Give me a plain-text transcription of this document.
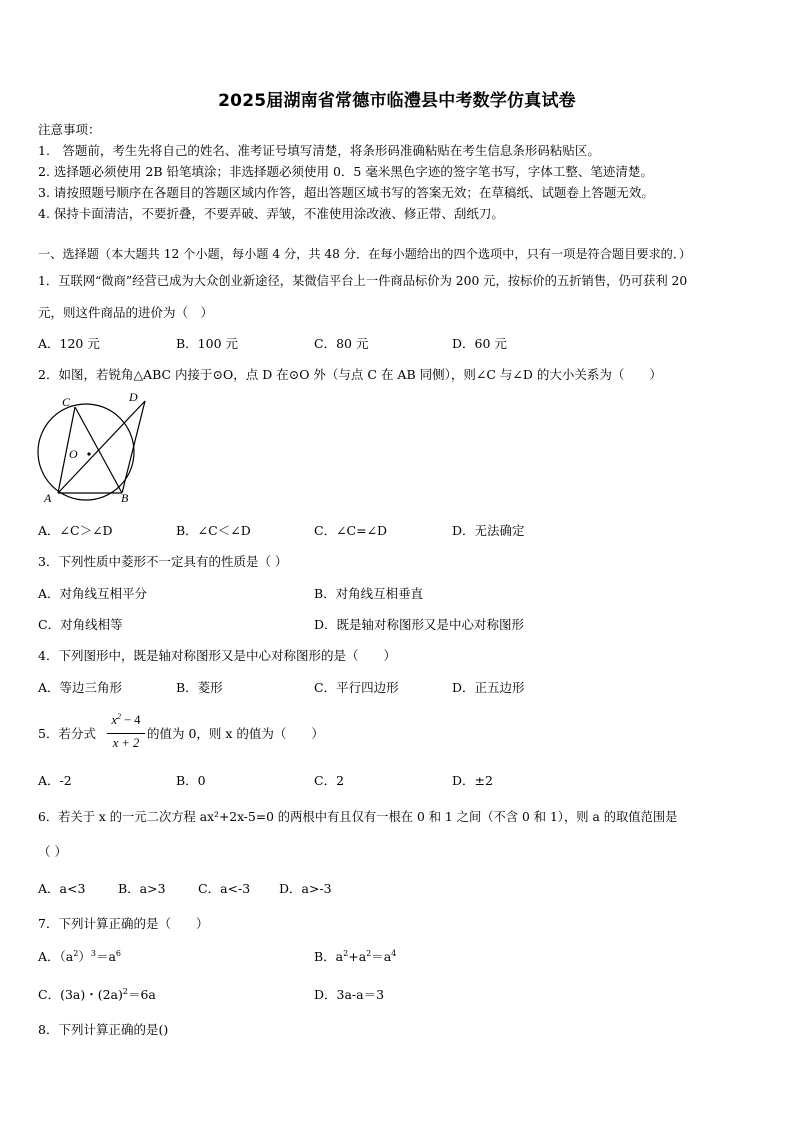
2025届湖南省常德市临澧县中考数学仿真试卷
注意事项：
1.　答题前，考生先将自己的姓名、准考证号填写清楚，将条形码准确粘贴在考生信息条形码粘贴区。
2. 选择题必须使用 2B 铅笔填涂；非选择题必须使用 0．5 毫米黑色字迹的签字笔书写，字体工整、笔迹清楚。
3. 请按照题号顺序在各题目的答题区域内作答，超出答题区域书写的答案无效；在草稿纸、试题卷上答题无效。
4. 保持卡面清洁，不要折叠，不要弄破、弄皱，不准使用涂改液、修正带、刮纸刀。
一、选择题（本大题共 12 个小题，每小题 4 分，共 48 分．在每小题给出的四个选项中，只有一项是符合题目要求的．）
1．互联网“微商”经营已成为大众创业新途径，某微信平台上一件商品标价为 200 元，按标价的五折销售，仍可获利 20
元，则这件商品的进价为（　）
A．120 元	B．100 元	C．80 元	D．60 元
2．如图，若锐角△ABC 内接于⊙O，点 D 在⊙O 外（与点 C 在 AB 同侧），则∠C 与∠D 的大小关系为（　　）
C	D
O
A	B
A．∠C＞∠D	B．∠C＜∠D	C．∠C=∠D	D．无法确定
3．下列性质中菱形不一定具有的性质是（ ）
A．对角线互相平分	B．对角线互相垂直
C．对角线相等	D．既是轴对称图形又是中心对称图形
4．下列图形中，既是轴对称图形又是中心对称图形的是（　　）
A．等边三角形	B．菱形	C．平行四边形	D．正五边形
5．若分式
$x^2 - 4$
x + 2
的值为 0，则 x 的值为（　　）
A．-2	B．0	C．2	D．±2
6．若关于 x 的一元二次方程 ax²+2x-5=0 的两根中有且仅有一根在 0 和 1 之间（不含 0 和 1），则 a 的取值范围是
（ ）
A．a<3	B．a>3	C．a<-3 D．a>-3
7．下列计算正确的是（　　）
A．$(a^2)^3=a^6$	B．$a^2+a^2=a^4$
C．(3a)・$(2a)^2=6a$	D．3a-a＝3
8．下列计算正确的是()
